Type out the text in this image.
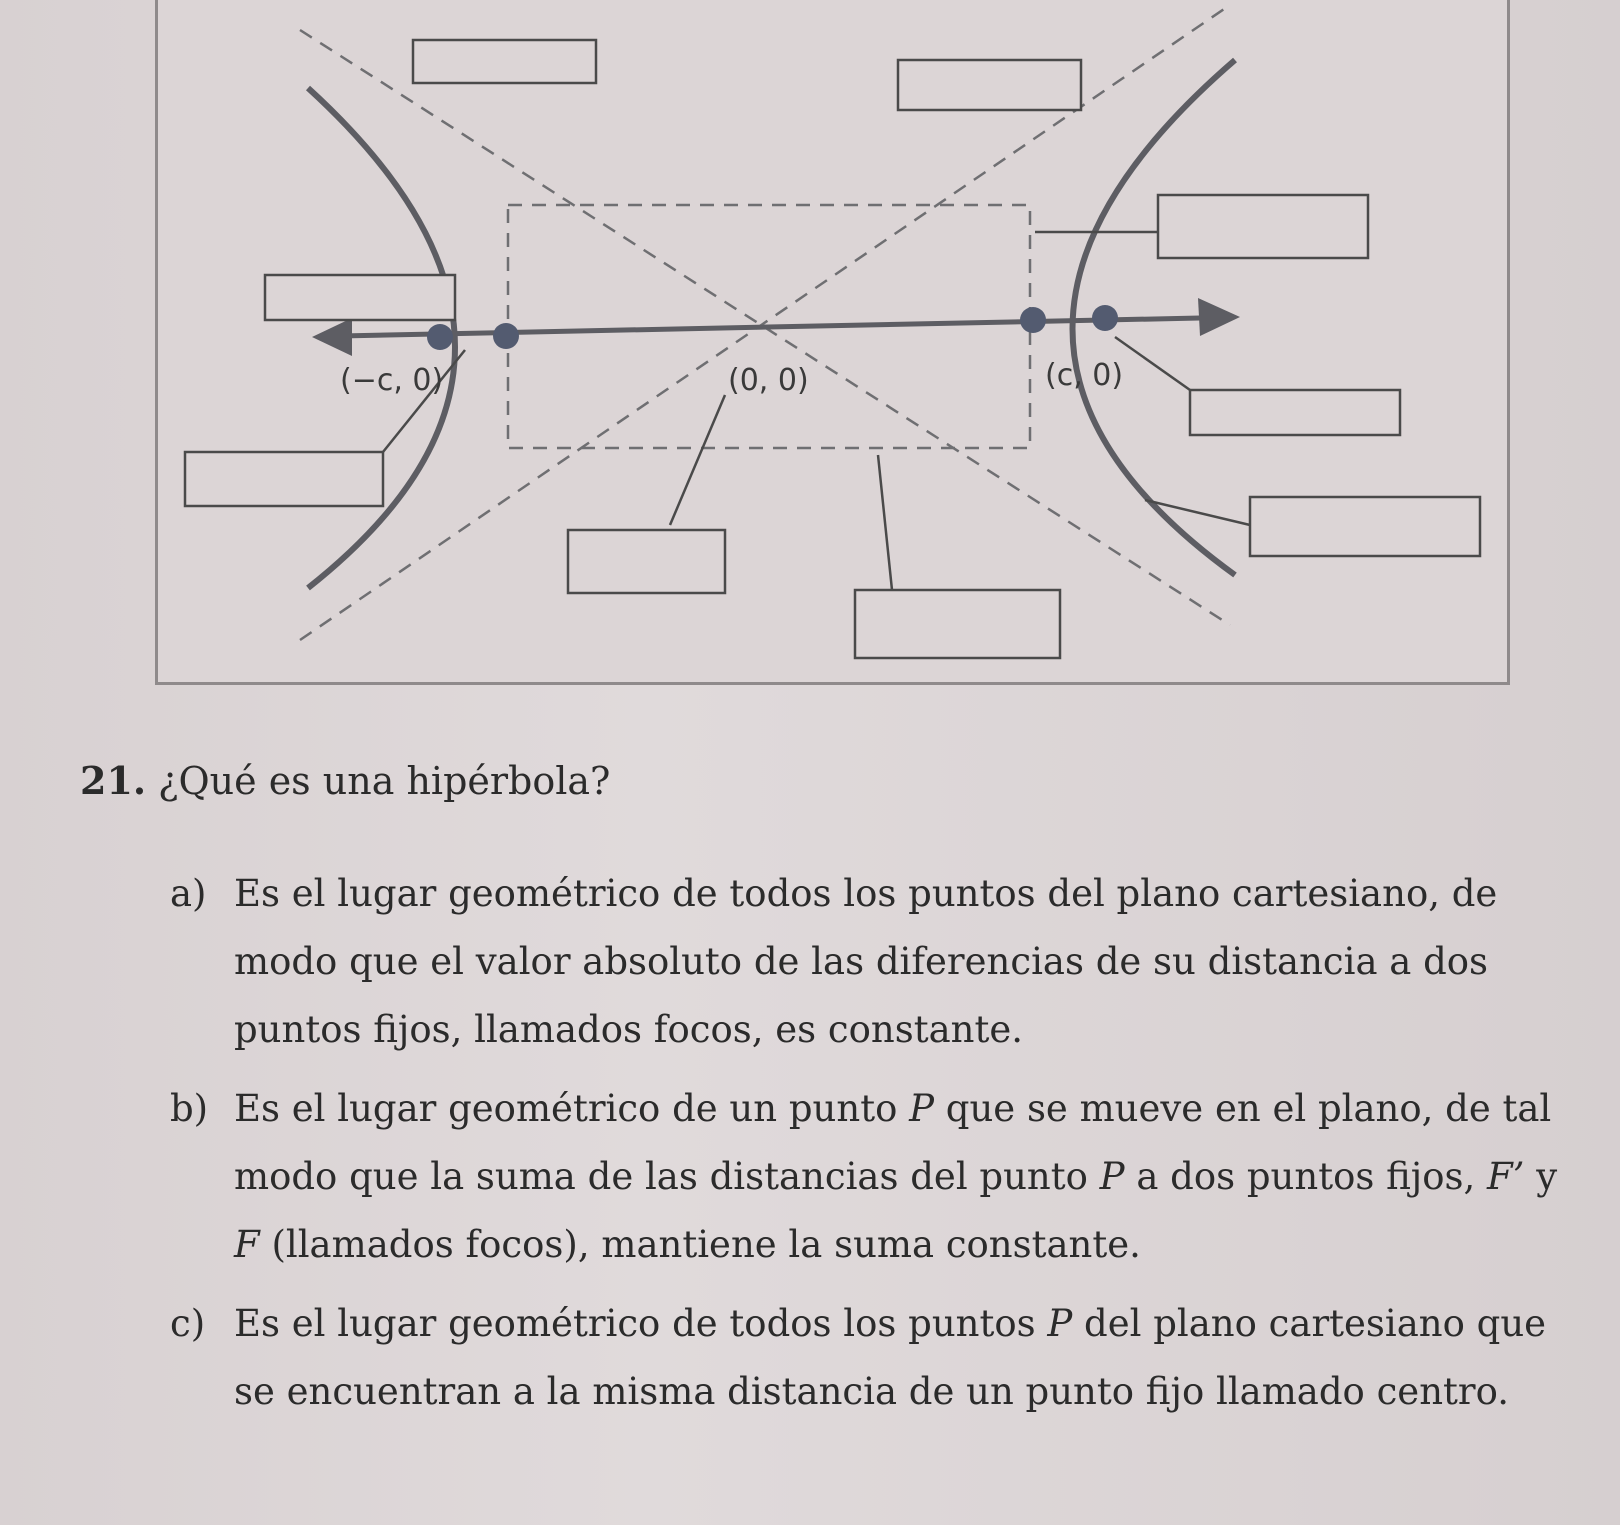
(−c, 0)	(0, 0)	(c, 0)
21. ¿Qué es una hipérbola?
a) Es el lugar geométrico de todos los puntos del plano cartesiano, de modo que el valor absoluto de las diferencias de su distancia a dos puntos fijos, llamados focos, es constante.
b) Es el lugar geométrico de un punto P que se mueve en el plano, de tal modo que la suma de las distancias del punto P a dos puntos fijos, F’ y F (llamados focos), mantiene la suma constante.
c) Es el lugar geométrico de todos los puntos P del plano cartesiano que se encuentran a la misma distancia de un punto fijo llamado centro.
